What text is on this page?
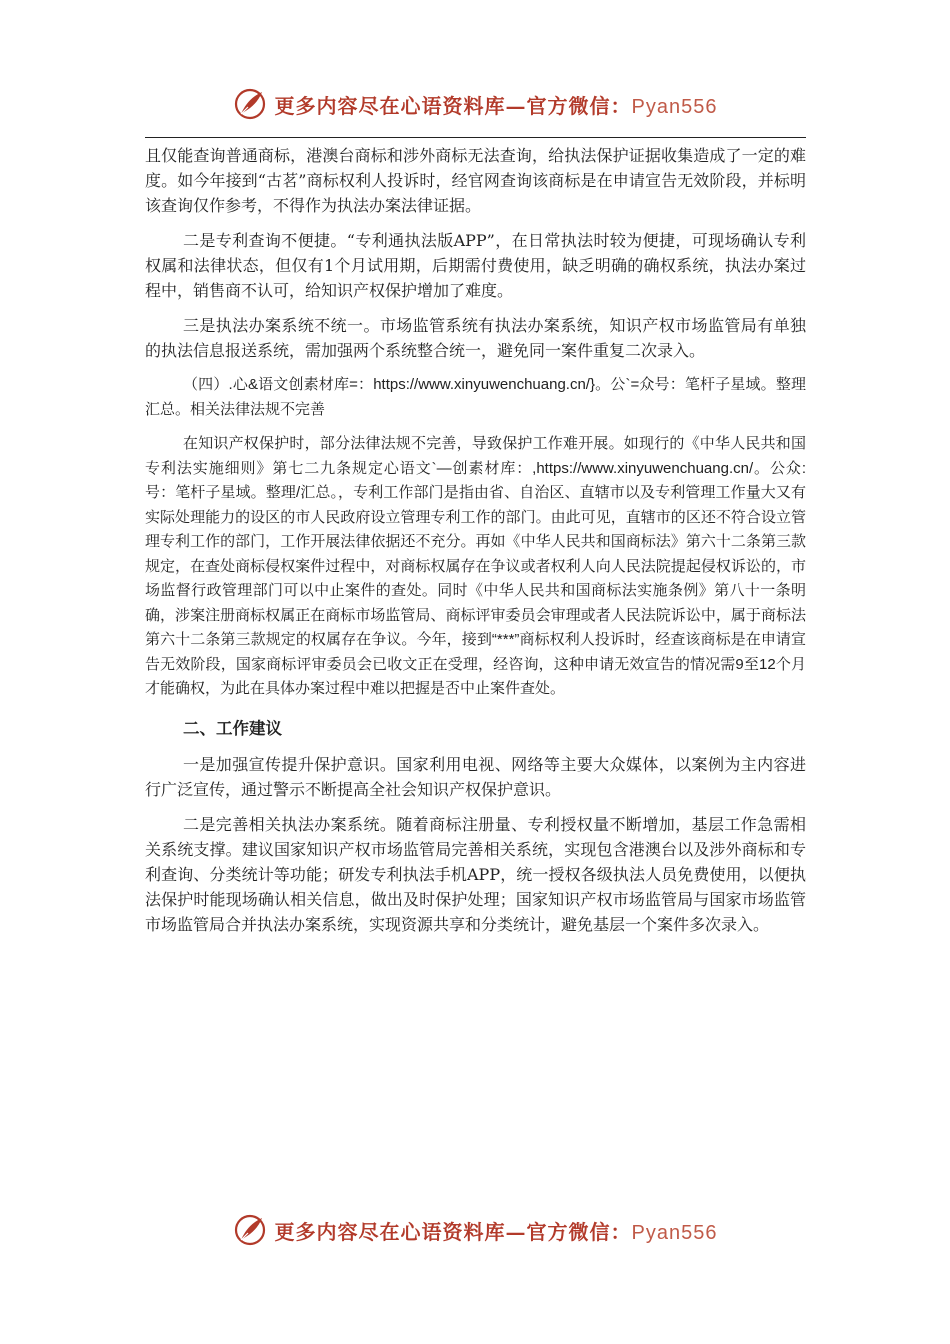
更多内容尽在心语资料库—官方微信：Pyan556

且仅能查询普通商标，港澳台商标和涉外商标无法查询，给执法保护证据收集造成了一定的难度。如今年接到“古茗”商标权利人投诉时，经官网查询该商标是在申请宣告无效阶段，并标明该查询仅作参考，不得作为执法办案法律证据。

二是专利查询不便捷。“专利通执法版APP”，在日常执法时较为便捷，可现场确认专利权属和法律状态，但仅有1个月试用期，后期需付费使用，缺乏明确的确权系统，执法办案过程中，销售商不认可，给知识产权保护增加了难度。

三是执法办案系统不统一。市场监管系统有执法办案系统，知识产权市场监管局有单独的执法信息报送系统，需加强两个系统整合统一，避免同一案件重复二次录入。

（四）.心&语文创素材库=：https://www.xinyuwenchuang.cn/}。公`=众号：笔杆子星域。整理汇总。相关法律法规不完善

在知识产权保护时，部分法律法规不完善，导致保护工作难开展。如现行的《中华人民共和国专利法实施细则》第七二九条规定心语文`—创素材库：,https://www.xinyuwenchuang.cn/。公众:号：笔杆子星域。整理/汇总。，专利工作部门是指由省、自治区、直辖市以及专利管理工作量大又有实际处理能力的设区的市人民政府设立管理专利工作的部门。由此可见，直辖市的区还不符合设立管理专利工作的部门，工作开展法律依据还不充分。再如《中华人民共和国商标法》第六十二条第三款规定，在查处商标侵权案件过程中，对商标权属存在争议或者权利人向人民法院提起侵权诉讼的，市场监督行政管理部门可以中止案件的查处。同时《中华人民共和国商标法实施条例》第八十一条明确，涉案注册商标权属正在商标市场监管局、商标评审委员会审理或者人民法院诉讼中，属于商标法第六十二条第三款规定的权属存在争议。今年，接到“***”商标权利人投诉时，经查该商标是在申请宣告无效阶段，国家商标评审委员会已收文正在受理，经咨询，这种申请无效宣告的情况需9至12个月才能确权，为此在具体办案过程中难以把握是否中止案件查处。

二、工作建议

一是加强宣传提升保护意识。国家利用电视、网络等主要大众媒体，以案例为主内容进行广泛宣传，通过警示不断提高全社会知识产权保护意识。

二是完善相关执法办案系统。随着商标注册量、专利授权量不断增加，基层工作急需相关系统支撑。建议国家知识产权市场监管局完善相关系统，实现包含港澳台以及涉外商标和专利查询、分类统计等功能；研发专利执法手机APP，统一授权各级执法人员免费使用，以便执法保护时能现场确认相关信息，做出及时保护处理；国家知识产权市场监管局与国家市场监管市场监管局合并执法办案系统，实现资源共享和分类统计，避免基层一个案件多次录入。

更多内容尽在心语资料库—官方微信：Pyan556
